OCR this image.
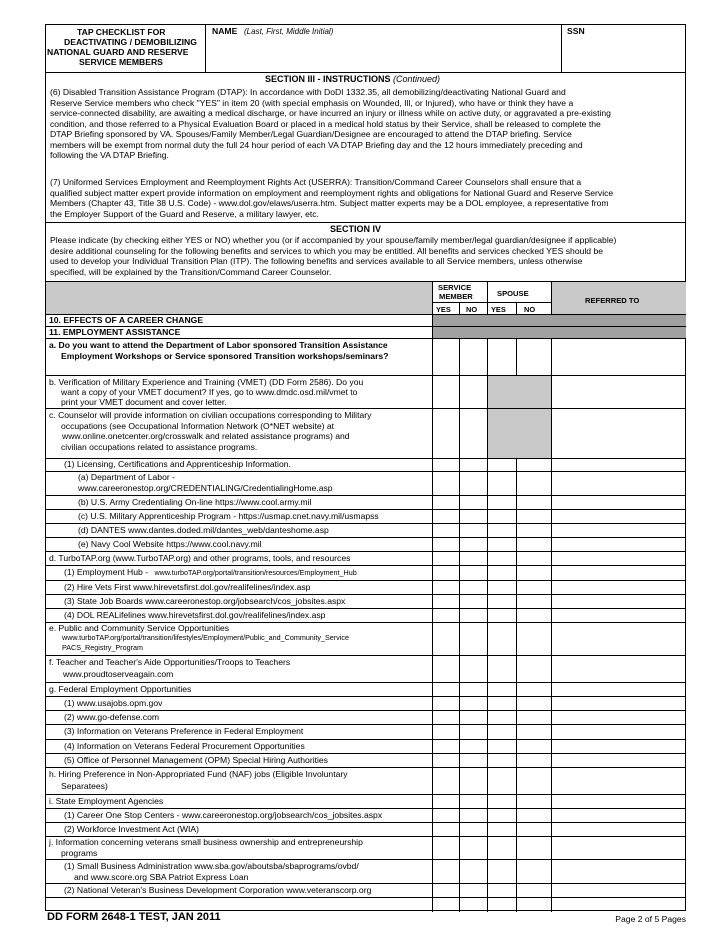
TAP CHECKLIST FOR
DEACTIVATING / DEMOBILIZING
NATIONAL GUARD AND RESERVE
SERVICE MEMBERS
NAME (Last, First, Middle Initial)	SSN
SECTION III - INSTRUCTIONS (Continued)
(6) Disabled Transition Assistance Program (DTAP): In accordance with DoDI 1332.35, all demobilizing/deactivating National Guard and
Reserve Service members who check "YES" in item 20 (with special emphasis on Wounded, Ill, or Injured), who have or think they have a
service-connected disability, are awaiting a medical discharge, or have incurred an injury or illness while on active duty, or aggravated a pre-existing
condition, and those referred to a Physical Evaluation Board or placed in a medical hold status by their Service, shall be released to complete the
DTAP Briefing sponsored by VA. Spouses/Family Member/Legal Guardian/Designee are encouraged to attend the DTAP briefing. Service
members will be exempt from normal duty the full 24 hour period of each VA DTAP Briefing day and the 12 hours immediately preceding and
following the VA DTAP Briefing.
(7) Uniformed Services Employment and Reemployment Rights Act (USERRA): Transition/Command Career Counselors shall ensure that a
qualified subject matter expert provide information on employment and reemployment rights and obligations for National Guard and Reserve Service
Members (Chapter 43, Title 38 U.S. Code) - www.dol.gov/elaws/userra.htm. Subject matter experts may be a DOL employee, a representative from
the Employer Support of the Guard and Reserve, a military lawyer, etc.
SECTION IV
Please indicate (by checking either YES or NO) whether you (or if accompanied by your spouse/family member/legal guardian/designee if applicable)
desire additional counseling for the following benefits and services to which you may be entitled. All benefits and services checked YES should be
used to develop your Individual Transition Plan (ITP). The following benefits and services available to all Service members, unless otherwise
specified, will be explained by the Transition/Command Career Counselor.
SERVICE
MEMBER	SPOUSE
REFERRED TO
YES NO YES NO
10. EFFECTS OF A CAREER CHANGE
11. EMPLOYMENT ASSISTANCE
a. Do you want to attend the Department of Labor sponsored Transition Assistance
Employment Workshops or Service sponsored Transition workshops/seminars?
b. Verification of Military Experience and Training (VMET) (DD Form 2586). Do you
want a copy of your VMET document? If yes, go to www.dmdc.osd.mil/vmet to
print your VMET document and cover letter.
c. Counselor will provide information on civilian occupations corresponding to Military
occupations (see Occupational Information Network (O*NET website) at
www.online.onetcenter.org/crosswalk and related assistance programs) and
civilian occupations related to assistance programs.
(1) Licensing, Certifications and Apprenticeship Information.
(a) Department of Labor -
www.careeronestop.org/CREDENTIALING/CredentialingHome.asp
(b) U.S. Army Credentialing On-line https://www.cool.army.mil
(c) U.S. Military Apprenticeship Program - https://usmap.cnet.navy.mil/usmapss
(d) DANTES www.dantes.doded.mil/dantes_web/danteshome.asp
(e) Navy Cool Website https://www.cool.navy.mil
d. TurboTAP.org (www.TurboTAP.org) and other programs, tools, and resources
(1) Employment Hub - www.turboTAP.org/portal/transition/resources/Employment_Hub
(2) Hire Vets First www.hirevetsfirst.dol.gov/realifelines/index.asp
(3) State Job Boards www.careeronestop.org/jobsearch/cos_jobsites.aspx
(4) DOL REALifelines www.hirevetsfirst.dol.gov/realifelines/index.asp
e. Public and Community Service Opportunities
www.turboTAP.org/portal/transition/lifestyles/Employment/Public_and_Community_Service
PACS_Registry_Program
f. Teacher and Teacher's Aide Opportunities/Troops to Teachers
www.proudtoserveagain.com
g. Federal Employment Opportunities
(1) www.usajobs.opm.gov
(2) www.go-defense.com
(3) Information on Veterans Preference in Federal Employment
(4) Information on Veterans Federal Procurement Opportunities
(5) Office of Personnel Management (OPM) Special Hiring Authorities
h. Hiring Preference in Non-Appropriated Fund (NAF) jobs (Eligible Involuntary
Separatees)
i. State Employment Agencies
(1) Career One Stop Centers - www.careeronestop.org/jobsearch/cos_jobsites.aspx
(2) Workforce Investment Act (WIA)
j. Information concerning veterans small business ownership and entrepreneurship
programs
(1) Small Business Administration www.sba.gov/aboutsba/sbaprograms/ovbd/
and www.score.org SBA Patriot Express Loan
(2) National Veteran's Business Development Corporation www.veteranscorp.org
DD FORM 2648-1 TEST, JAN 2011	Page 2 of 5 Pages
